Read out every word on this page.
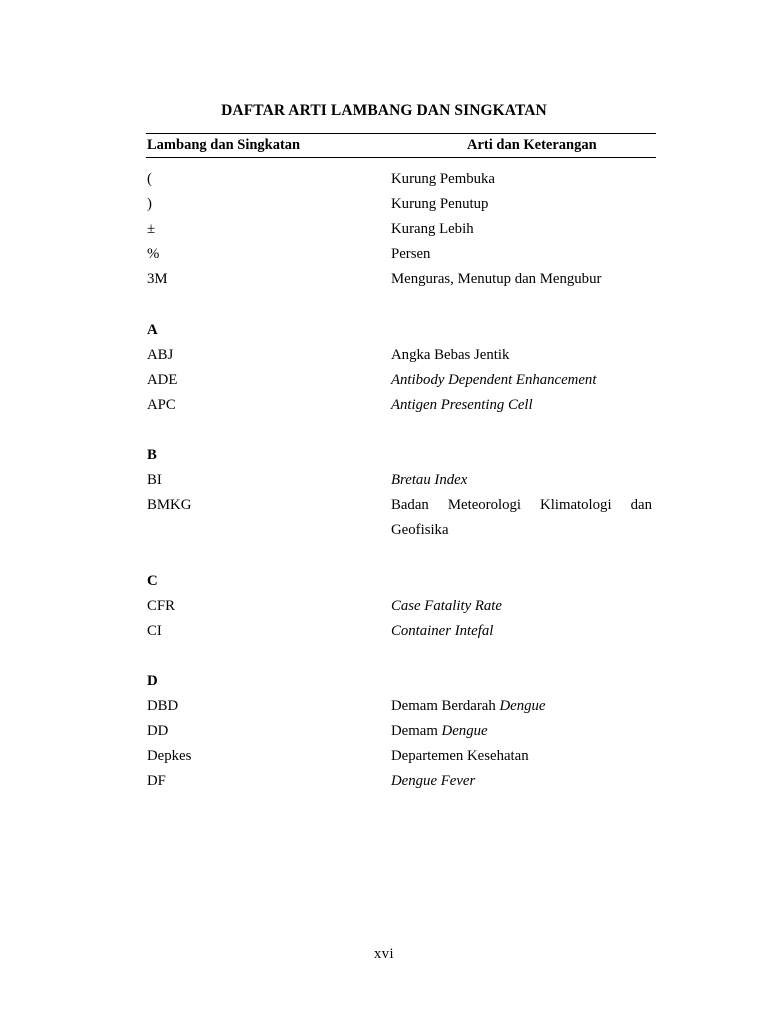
DAFTAR ARTI LAMBANG DAN SINGKATAN
Lambang dan Singkatan	Arti dan Keterangan
(	Kurung Pembuka
)	Kurung Penutup
±	Kurang Lebih
%	Persen
3M	Menguras, Menutup dan Mengubur
A
ABJ	Angka Bebas Jentik
ADE	Antibody Dependent Enhancement
APC	Antigen Presenting Cell
B
BI	Bretau Index
BMKG	Badan Meteorologi Klimatologi dan
Geofisika
C
CFR	Case Fatality Rate
CI	Container Intefal
D
DBD	Demam Berdarah Dengue
DD	Demam Dengue
Depkes	Departemen Kesehatan
DF	Dengue Fever
xvi
